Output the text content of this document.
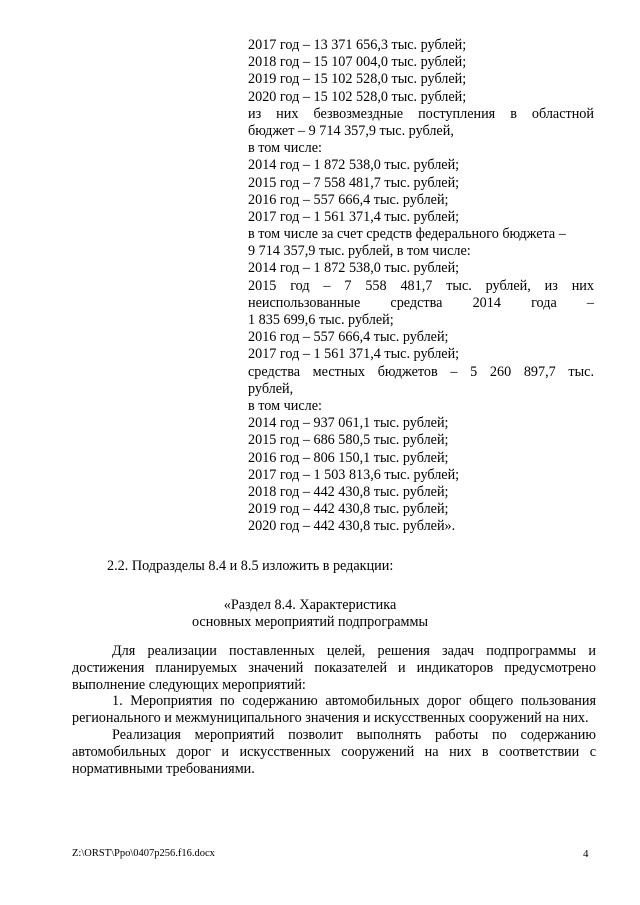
2017 год – 13 371 656,3 тыс. рублей;
2018 год – 15 107 004,0 тыс. рублей;
2019 год – 15 102 528,0 тыс. рублей;
2020 год – 15 102 528,0 тыс. рублей;
из них безвозмездные поступления в областной
бюджет – 9 714 357,9 тыс. рублей,
в том числе:
2014 год – 1 872 538,0 тыс. рублей;
2015 год – 7 558 481,7 тыс. рублей;
2016 год – 557 666,4 тыс. рублей;
2017 год – 1 561 371,4 тыс. рублей;
в том числе за счет средств федерального бюджета –
9 714 357,9 тыс. рублей, в том числе:
2014 год – 1 872 538,0 тыс. рублей;
2015 год – 7 558 481,7 тыс. рублей, из них
неиспользованные средства 2014 года –
1 835 699,6 тыс. рублей;
2016 год – 557 666,4 тыс. рублей;
2017 год – 1 561 371,4 тыс. рублей;
средства местных бюджетов – 5 260 897,7 тыс.
рублей,
в том числе:
2014 год – 937 061,1 тыс. рублей;
2015 год – 686 580,5 тыс. рублей;
2016 год – 806 150,1 тыс. рублей;
2017 год – 1 503 813,6 тыс. рублей;
2018 год – 442 430,8 тыс. рублей;
2019 год – 442 430,8 тыс. рублей;
2020 год – 442 430,8 тыс. рублей».
2.2. Подразделы 8.4 и 8.5 изложить в редакции:
«Раздел 8.4. Характеристика
основных мероприятий подпрограммы

Для реализации поставленных целей, решения задач подпрограммы и достижения планируемых значений показателей и индикаторов предусмотрено выполнение следующих мероприятий:

1. Мероприятия по содержанию автомобильных дорог общего пользования регионального и межмуниципального значения и искусственных сооружений на них.

Реализация мероприятий позволит выполнять работы по содержанию автомобильных дорог и искусственных сооружений на них в соответствии с нормативными требованиями.

Z:\ORST\Ppo\0407p256.f16.docx	4
